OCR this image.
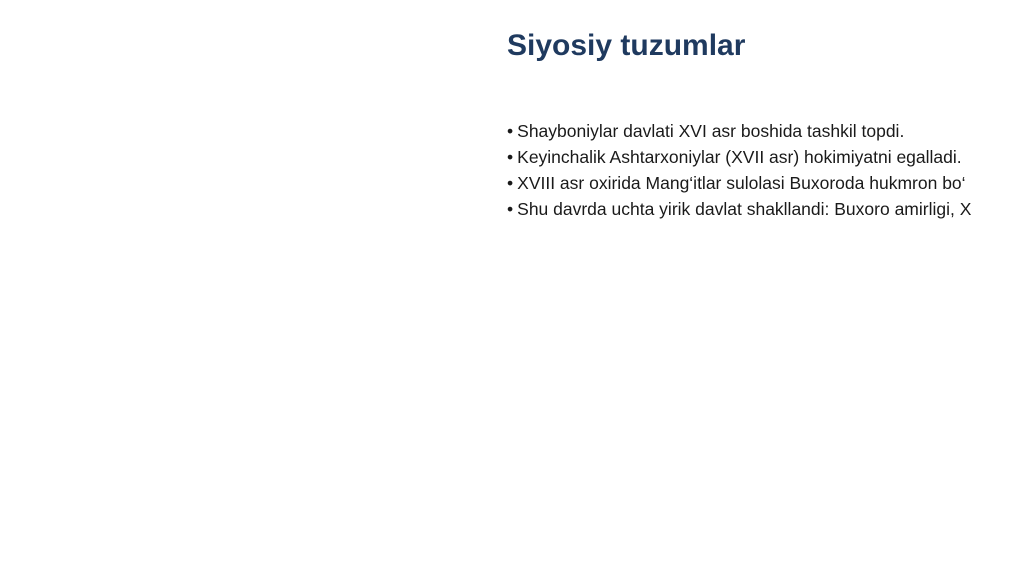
Siyosiy tuzumlar
• Shayboniylar davlati XVI asr boshida tashkil topdi.
• Keyinchalik Ashtarxoniylar (XVII asr) hokimiyatni egalladi.
• XVIII asr oxirida Mang‘itlar sulolasi Buxoroda hukmron bo‘
• Shu davrda uchta yirik davlat shakllandi: Buxoro amirligi, X
